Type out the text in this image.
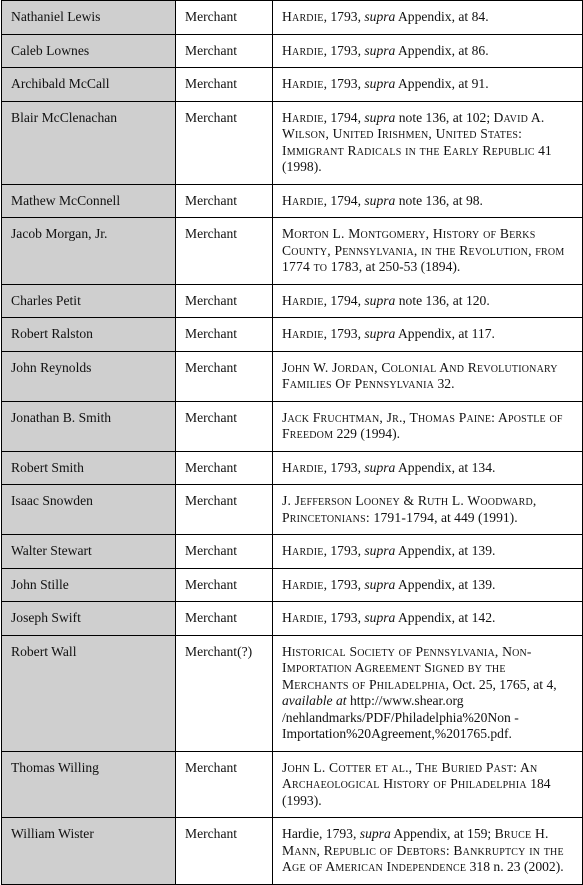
Nathaniel Lewis	Merchant	Hardie, 1793, supra Appendix, at 84.
Caleb Lownes	Merchant	Hardie, 1793, supra Appendix, at 86.
Archibald McCall	Merchant	Hardie, 1793, supra Appendix, at 91.
Blair McClenachan	Merchant	Hardie, 1794, supra note 136, at 102; David A. Wilson, United Irishmen, United States: Immigrant Radicals in the Early Republic 41 (1998).
Mathew McConnell	Merchant	Hardie, 1794, supra note 136, at 98.
Jacob Morgan, Jr.	Merchant	Morton L. Montgomery, History of Berks County, Pennsylvania, in the Revolution, from 1774 to 1783, at 250-53 (1894).
Charles Petit	Merchant	Hardie, 1794, supra note 136, at 120.
Robert Ralston	Merchant	Hardie, 1793, supra Appendix, at 117.
John Reynolds	Merchant	John W. Jordan, Colonial And Revolutionary Families Of Pennsylvania 32.
Jonathan B. Smith	Merchant	Jack Fruchtman, Jr., Thomas Paine: Apostle of Freedom 229 (1994).
Robert Smith	Merchant	Hardie, 1793, supra Appendix, at 134.
Isaac Snowden	Merchant	J. Jefferson Looney & Ruth L. Woodward, Princetonians: 1791-1794, at 449 (1991).
Walter Stewart	Merchant	Hardie, 1793, supra Appendix, at 139.
John Stille	Merchant	Hardie, 1793, supra Appendix, at 139.
Joseph Swift	Merchant	Hardie, 1793, supra Appendix, at 142.
Robert Wall	Merchant(?)	Historical Society of Pennsylvania, Non-Importation Agreement Signed by the Merchants of Philadelphia, Oct. 25, 1765, at 4, available at http://www.shear.org /nehlandmarks/PDF/Philadelphia%20Non -Importation%20Agreement,%201765.pdf.
Thomas Willing	Merchant	John L. Cotter et al., The Buried Past: An Archaeological History of Philadelphia 184 (1993).
William Wister	Merchant	Hardie, 1793, supra Appendix, at 159; Bruce H. Mann, Republic of Debtors: Bankruptcy in the Age of American Independence 318 n. 23 (2002).
